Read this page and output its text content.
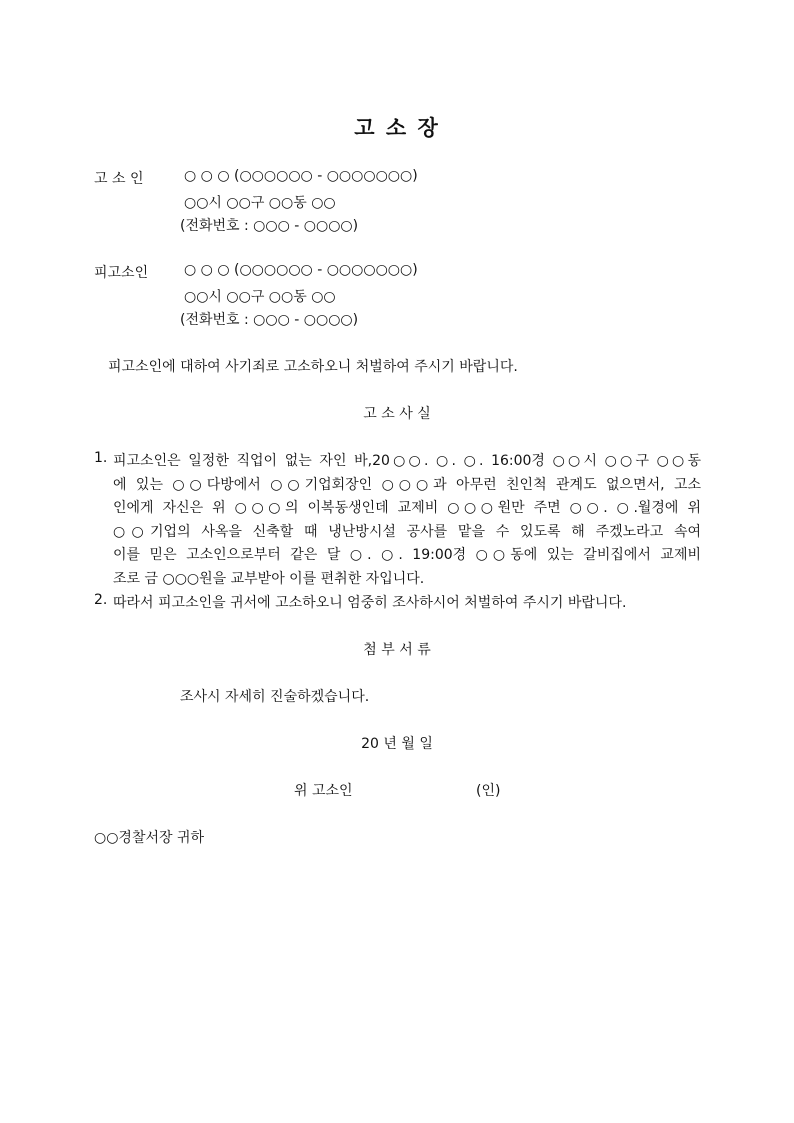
고 소 장
고 소 인	○ ○ ○ (○○○○○○ - ○○○○○○○)
○○시 ○○구 ○○동 ○○
(전화번호 : ○○○ - ○○○○)
피고소인	○ ○ ○ (○○○○○○ - ○○○○○○○)
○○시 ○○구 ○○동 ○○
(전화번호 : ○○○ - ○○○○)
피고소인에 대하여 사기죄로 고소하오니 처벌하여 주시기 바랍니다.
고 소 사 실
1. 피고소인은 일정한 직업이 없는 자인 바,20○○. ○. ○. 16:00경 ○○시 ○○구 ○○동
에 있는 ○○다방에서 ○○기업회장인 ○○○과 아무런 친인척 관계도 없으면서, 고소
인에게 자신은 위 ○○○의 이복동생인데 교제비 ○○○원만 주면 ○○. ○.월경에 위
○○기업의 사옥을 신축할 때 냉난방시설 공사를 맡을 수 있도록 해 주겠노라고 속여
이를 믿은 고소인으로부터 같은 달 ○. ○. 19:00경 ○○동에 있는 갈비집에서 교제비
조로 금 ○○○원을 교부받아 이를 편취한 자입니다.
2. 따라서 피고소인을 귀서에 고소하오니 엄중히 조사하시어 처벌하여 주시기 바랍니다.
첨 부 서 류
조사시 자세히 진술하겠습니다.
20 년 월 일
위 고소인	(인)
○○경찰서장 귀하
